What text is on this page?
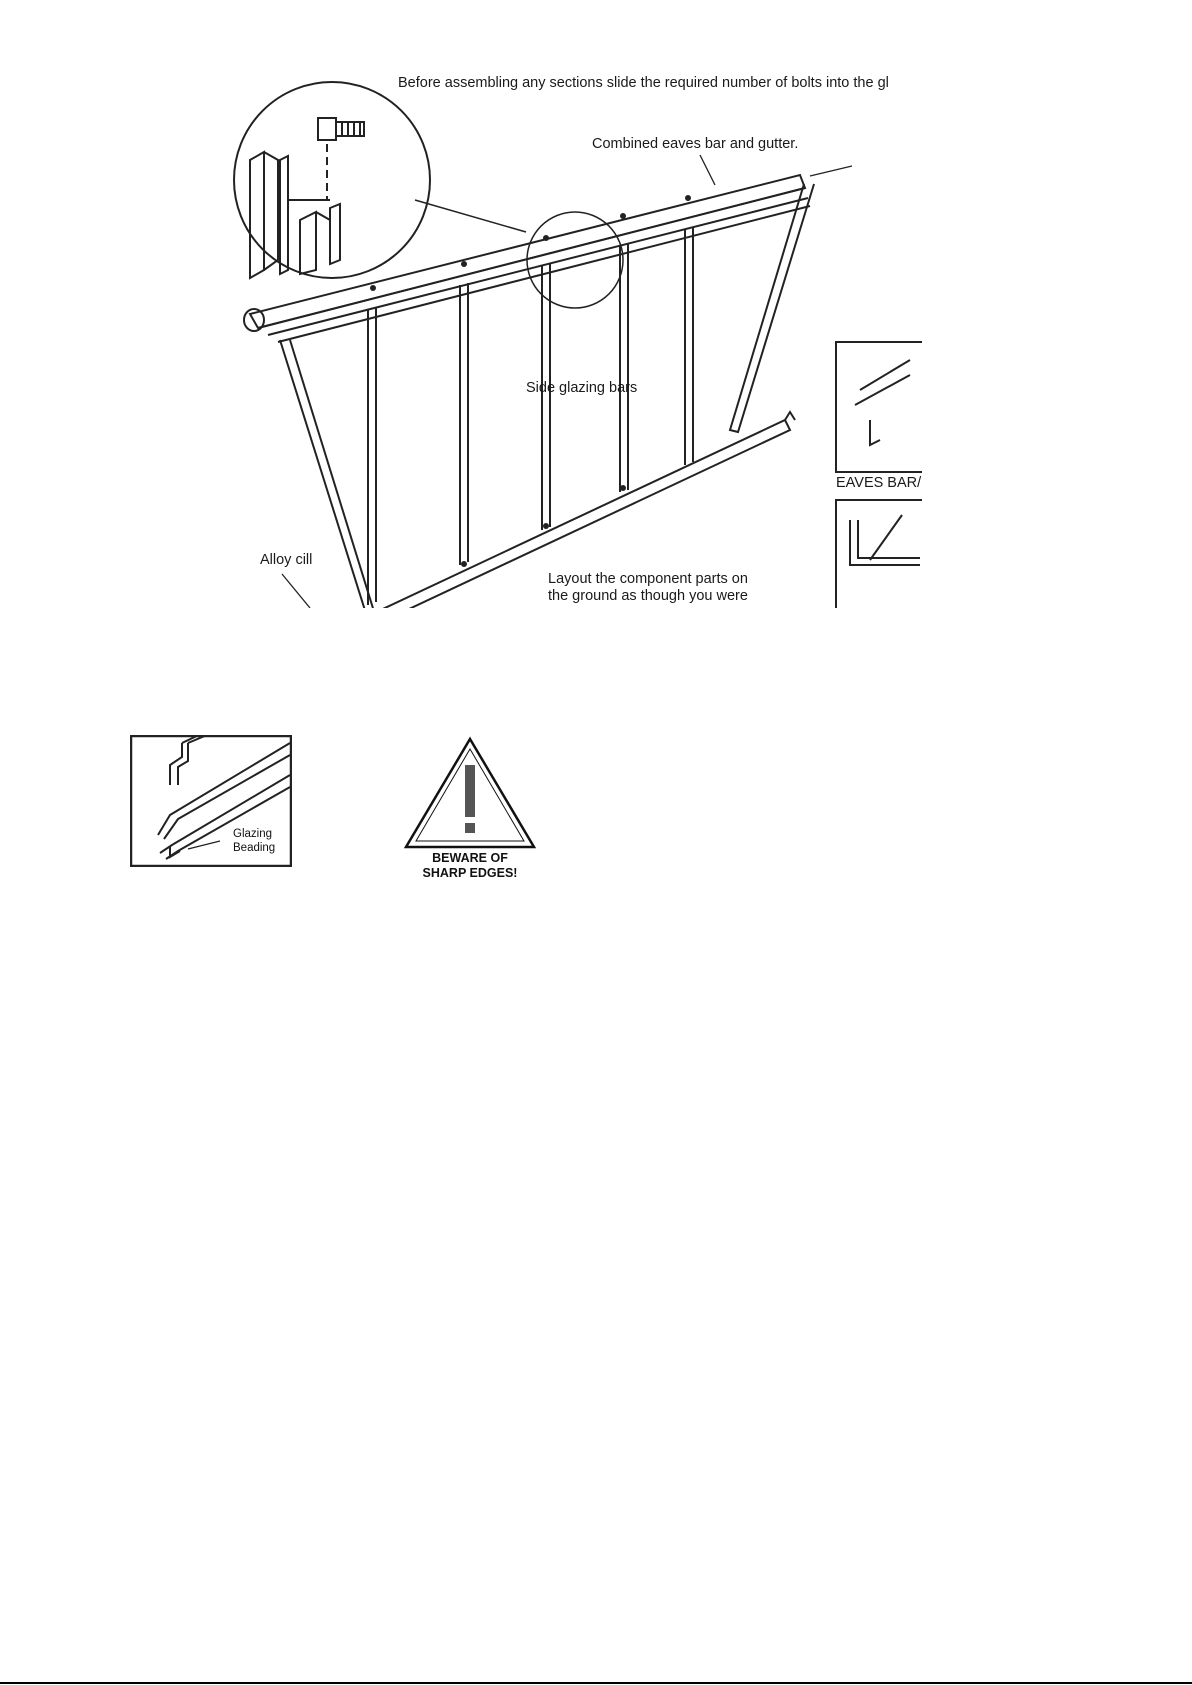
Before assembling any sections slide the required number of bolts into the gl
Combined eaves bar and gutter.
Side glazing bars
Alloy cill
Layout the component parts on
the ground as though you were
EAVES BAR/
Glazing
Beading
BEWARE OF
SHARP EDGES!
